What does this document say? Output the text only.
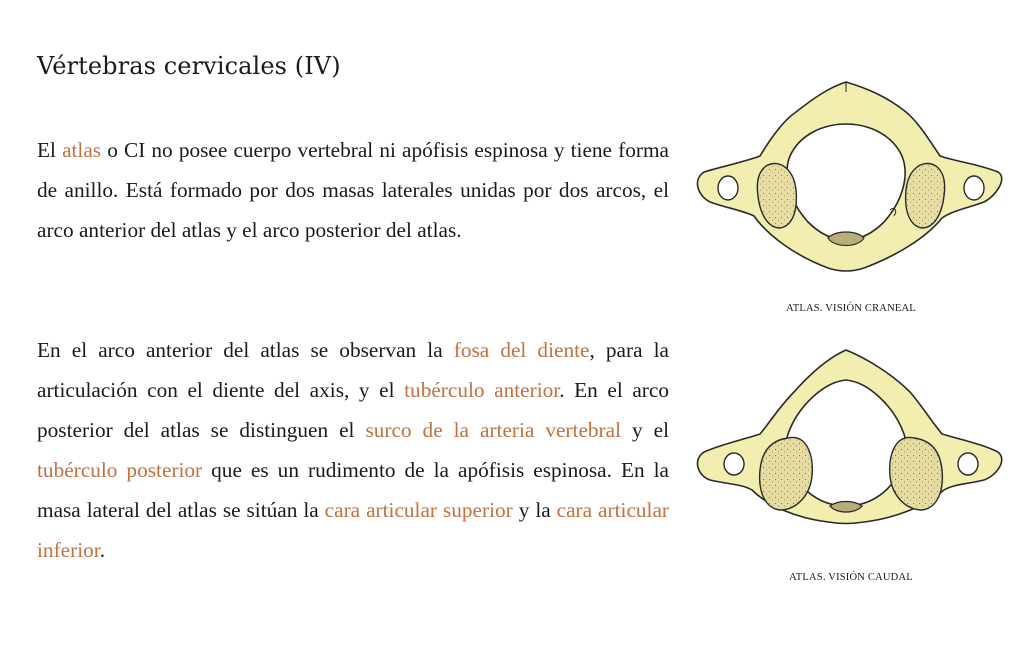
Vértebras cervicales (IV)

El atlas o CI no posee cuerpo vertebral ni apófisis espinosa y tiene forma de anillo. Está formado por dos masas laterales unidas por dos arcos, el arco anterior del atlas y el arco posterior del atlas.

En el arco anterior del atlas se observan la fosa del diente, para la articulación con el diente del axis, y el tubérculo anterior. En el arco posterior del atlas se distinguen el surco de la arteria vertebral y el tubérculo posterior que es un rudimento de la apófisis espinosa. En la masa lateral del atlas se sitúan la cara articular superior y la cara articular inferior.

ATLAS. VISIÓN CRANEAL
ATLAS. VISIÓN CAUDAL
